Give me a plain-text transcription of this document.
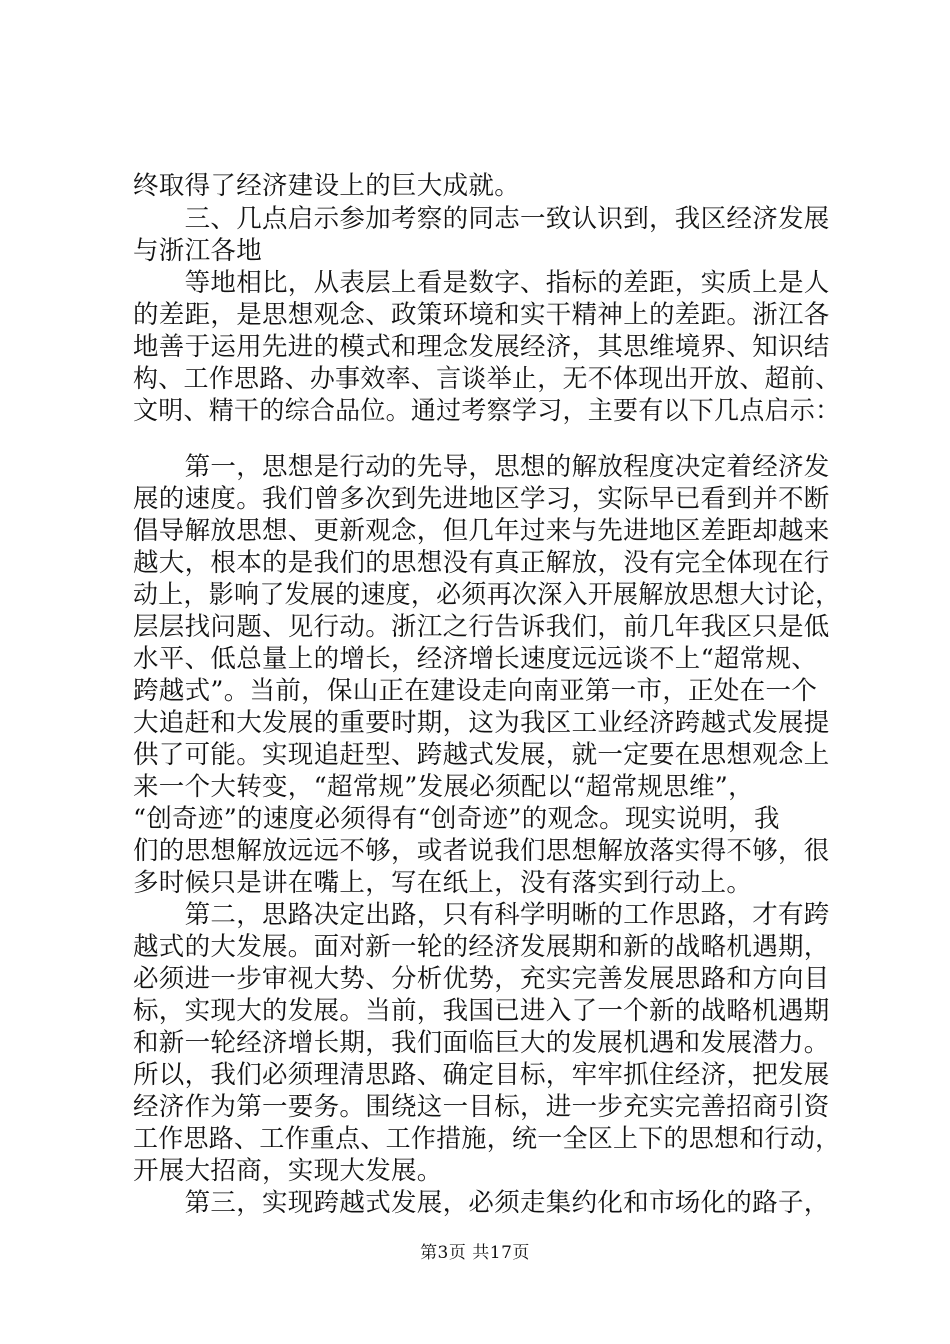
终取得了经济建设上的巨大成就。
　　三、几点启示参加考察的同志一致认识到，我区经济发展
与浙江各地
　　等地相比，从表层上看是数字、指标的差距，实质上是人
的差距，是思想观念、政策环境和实干精神上的差距。浙江各
地善于运用先进的模式和理念发展经济，其思维境界、知识结
构、工作思路、办事效率、言谈举止，无不体现出开放、超前、
文明、精干的综合品位。通过考察学习，主要有以下几点启示：
　　第一，思想是行动的先导，思想的解放程度决定着经济发
展的速度。我们曾多次到先进地区学习，实际早已看到并不断
倡导解放思想、更新观念，但几年过来与先进地区差距却越来
越大，根本的是我们的思想没有真正解放，没有完全体现在行
动上，影响了发展的速度，必须再次深入开展解放思想大讨论，
层层找问题、见行动。浙江之行告诉我们，前几年我区只是低
水平、低总量上的增长，经济增长速度远远谈不上“超常规、
跨越式”。当前，保山正在建设走向南亚第一市，正处在一个
大追赶和大发展的重要时期，这为我区工业经济跨越式发展提
供了可能。实现追赶型、跨越式发展，就一定要在思想观念上
来一个大转变，“超常规”发展必须配以“超常规思维”，
“创奇迹”的速度必须得有“创奇迹”的观念。现实说明，我
们的思想解放远远不够，或者说我们思想解放落实得不够，很
多时候只是讲在嘴上，写在纸上，没有落实到行动上。
　　第二，思路决定出路，只有科学明晰的工作思路，才有跨
越式的大发展。面对新一轮的经济发展期和新的战略机遇期，
必须进一步审视大势、分析优势，充实完善发展思路和方向目
标，实现大的发展。当前，我国已进入了一个新的战略机遇期
和新一轮经济增长期，我们面临巨大的发展机遇和发展潜力。
所以，我们必须理清思路、确定目标，牢牢抓住经济，把发展
经济作为第一要务。围绕这一目标，进一步充实完善招商引资
工作思路、工作重点、工作措施，统一全区上下的思想和行动，
开展大招商，实现大发展。
　　第三，实现跨越式发展，必须走集约化和市场化的路子，
第3页 共17页
